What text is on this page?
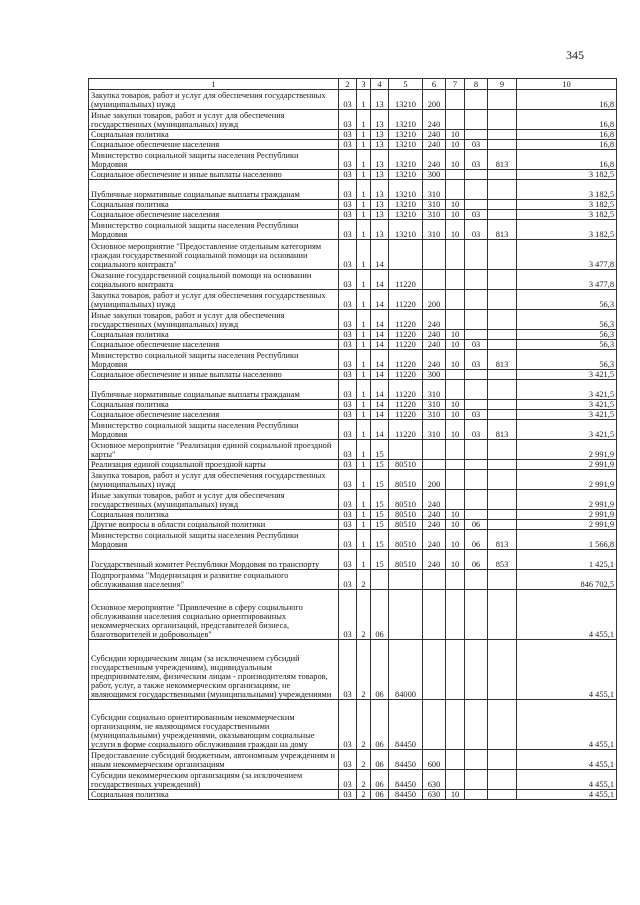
345
1	2	3	4	5	6	7	8	9	10
Закупка товаров, работ и услуг для обеспечения государственных (муниципальных) нужд	03	1	13	13210	200				16,8
Иные закупки товаров, работ и услуг для обеспечения государственных (муниципальных) нужд	03	1	13	13210	240				16,8
Социальная политика	03	1	13	13210	240	10			16,8
Социальное обеспечение населения	03	1	13	13210	240	10	03		16,8
Министерство социальной защиты населения Республики Мордовия	03	1	13	13210	240	10	03	813	16,8
Социальное обеспечение и иные выплаты населению	03	1	13	13210	300				3 182,5
Публичные нормативные социальные выплаты гражданам	03	1	13	13210	310				3 182,5
Социальная политика	03	1	13	13210	310	10			3 182,5
Социальное обеспечение населения	03	1	13	13210	310	10	03		3 182,5
Министерство социальной защиты населения Республики Мордовия	03	1	13	13210	310	10	03	813	3 182,5
Основное мероприятие "Предоставление отдельным категориям граждан государственной социальной помощи на основании социального контракта"	03	1	14						3 477,8
Оказание государственной социальной помощи на основании социального контракта	03	1	14	11220					3 477,8
Закупка товаров, работ и услуг для обеспечения государственных (муниципальных) нужд	03	1	14	11220	200				56,3
Иные закупки товаров, работ и услуг для обеспечения государственных (муниципальных) нужд	03	1	14	11220	240				56,3
Социальная политика	03	1	14	11220	240	10			56,3
Социальное обеспечение населения	03	1	14	11220	240	10	03		56,3
Министерство социальной защиты населения Республики Мордовия	03	1	14	11220	240	10	03	813	56,3
Социальное обеспечение и иные выплаты населению	03	1	14	11220	300				3 421,5
Публичные нормативные социальные выплаты гражданам	03	1	14	11220	310				3 421,5
Социальная политика	03	1	14	11220	310	10			3 421,5
Социальное обеспечение населения	03	1	14	11220	310	10	03		3 421,5
Министерство социальной защиты населения Республики Мордовия	03	1	14	11220	310	10	03	813	3 421,5
Основное мероприятие "Реализация единой социальной проездной карты"	03	1	15						2 991,9
Реализация единой социальной проездной карты	03	1	15	80510					2 991,9
Закупка товаров, работ и услуг для обеспечения государственных (муниципальных) нужд	03	1	15	80510	200				2 991,9
Иные закупки товаров, работ и услуг для обеспечения государственных (муниципальных) нужд	03	1	15	80510	240				2 991,9
Социальная политика	03	1	15	80510	240	10			2 991,9
Другие вопросы в области социальной политики	03	1	15	80510	240	10	06		2 991,9
Министерство социальной защиты населения Республики Мордовия	03	1	15	80510	240	10	06	813	1 566,8
Государственный комитет Республики Мордовия по транспорту	03	1	15	80510	240	10	06	853	1 425,1
Подпрограмма "Модернизация и развитие социального обслуживания населения"	03	2							846 702,5
Основное мероприятие "Привлечение в сферу социального обслуживания населения социально ориентированных некоммерческих организаций, представителей бизнеса, благотворителей и добровольцев"	03	2	06						4 455,1
Субсидии юридическим лицам (за исключением субсидий государственным учреждениям), индивидуальным предпринимателям, физическим лицам - производителям товаров, работ, услуг, а также некоммерческим организациям, не являющимся государственными (муниципальными) учреждениями	03	2	06	84000					4 455,1
Субсидии социально ориентированным некоммерческим организациям, не являющимся государственными (муниципальными) учреждениями, оказывающим социальные услуги в форме социального обслуживания граждан на дому	03	2	06	84450					4 455,1
Предоставление субсидий бюджетным, автономным учреждениям и иным некоммерческим организациям	03	2	06	84450	600				4 455,1
Субсидии некоммерческим организациям (за исключением государственных учреждений)	03	2	06	84450	630				4 455,1
Социальная политика	03	2	06	84450	630	10			4 455,1
